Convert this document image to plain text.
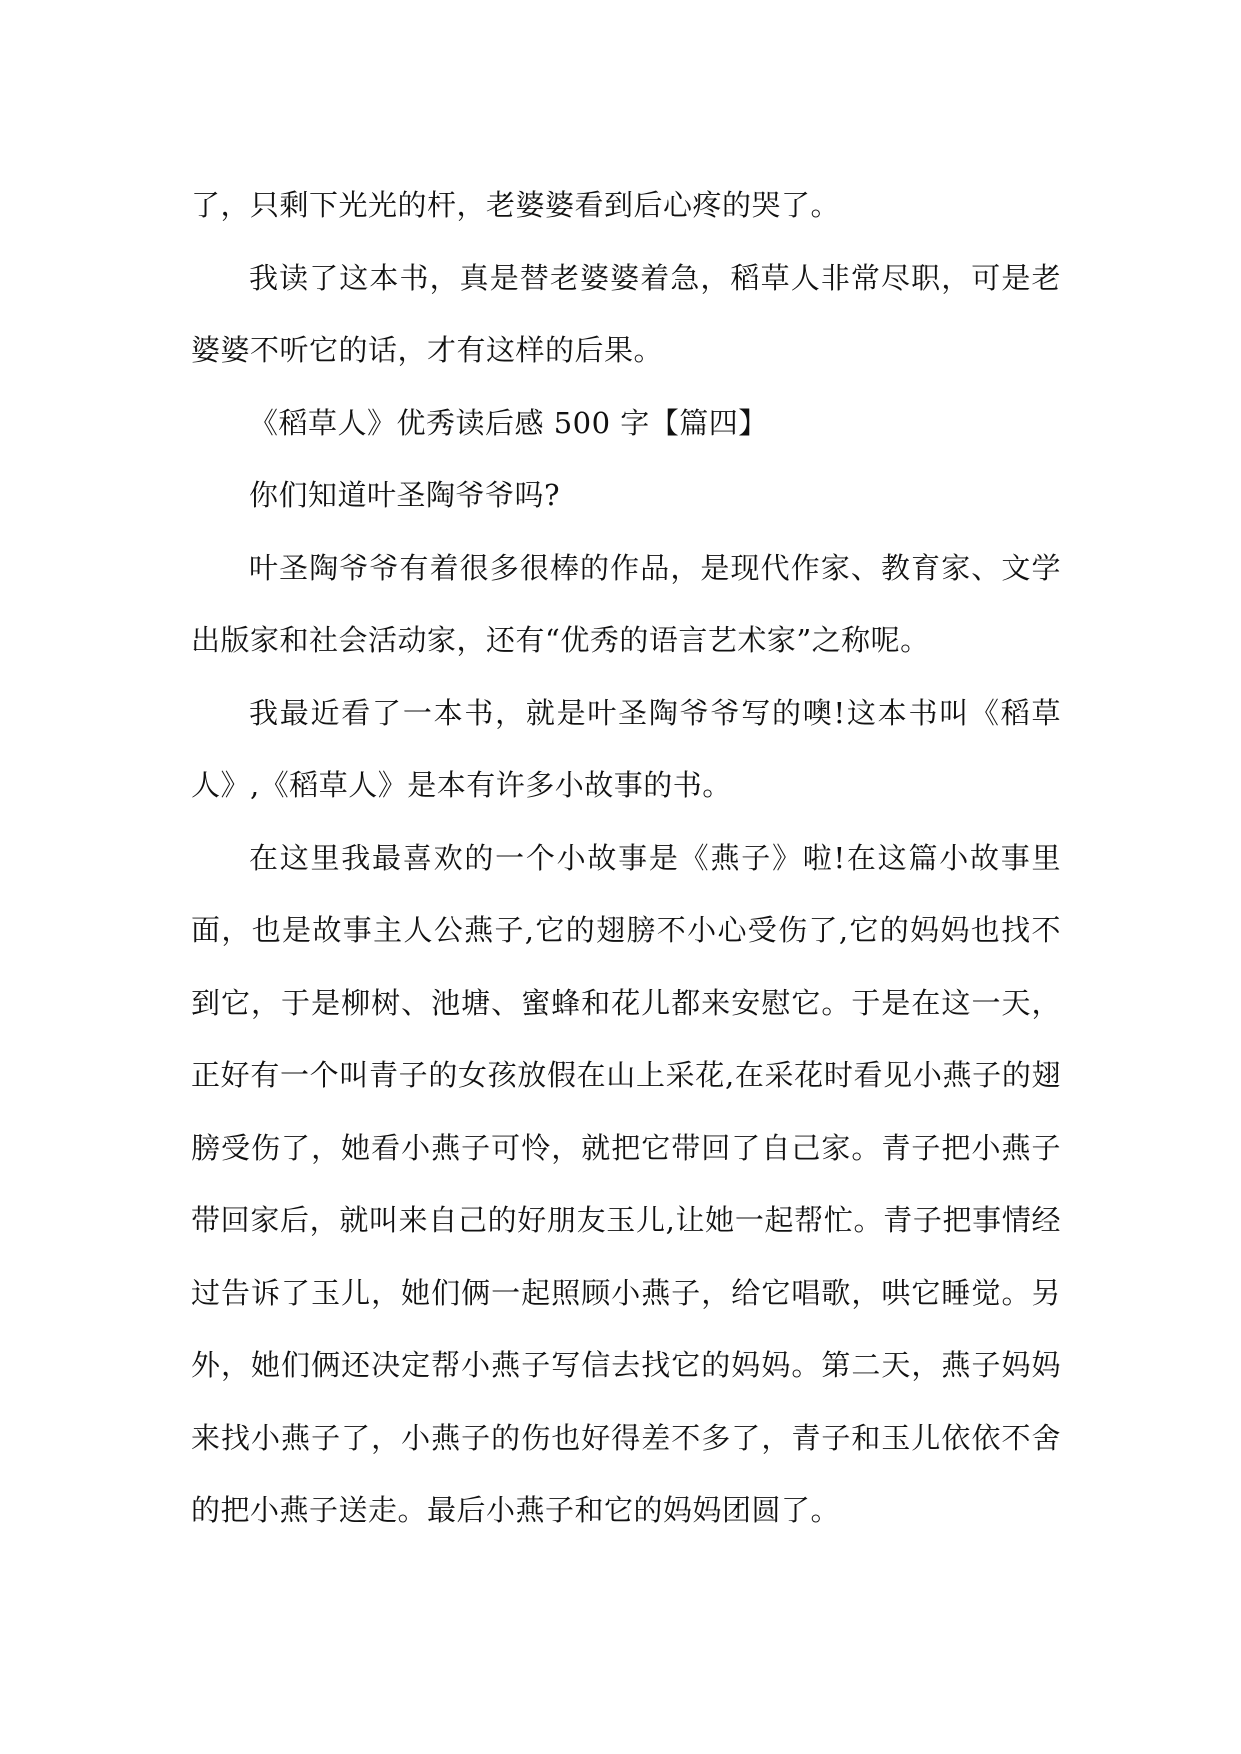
了，只剩下光光的杆，老婆婆看到后心疼的哭了。

我读了这本书，真是替老婆婆着急，稻草人非常尽职，可是老婆婆不听它的话，才有这样的后果。

《稻草人》优秀读后感 500 字【篇四】

你们知道叶圣陶爷爷吗?

叶圣陶爷爷有着很多很棒的作品，是现代作家、教育家、文学出版家和社会活动家，还有“优秀的语言艺术家”之称呢。

我最近看了一本书，就是叶圣陶爷爷写的噢!这本书叫《稻草人》,《稻草人》是本有许多小故事的书。

在这里我最喜欢的一个小故事是《燕子》啦!在这篇小故事里面，也是故事主人公燕子,它的翅膀不小心受伤了,它的妈妈也找不到它，于是柳树、池塘、蜜蜂和花儿都来安慰它。于是在这一天，正好有一个叫青子的女孩放假在山上采花,在采花时看见小燕子的翅膀受伤了，她看小燕子可怜，就把它带回了自己家。青子把小燕子带回家后，就叫来自己的好朋友玉儿,让她一起帮忙。青子把事情经过告诉了玉儿，她们俩一起照顾小燕子，给它唱歌，哄它睡觉。另外，她们俩还决定帮小燕子写信去找它的妈妈。第二天，燕子妈妈来找小燕子了，小燕子的伤也好得差不多了，青子和玉儿依依不舍的把小燕子送走。最后小燕子和它的妈妈团圆了。
